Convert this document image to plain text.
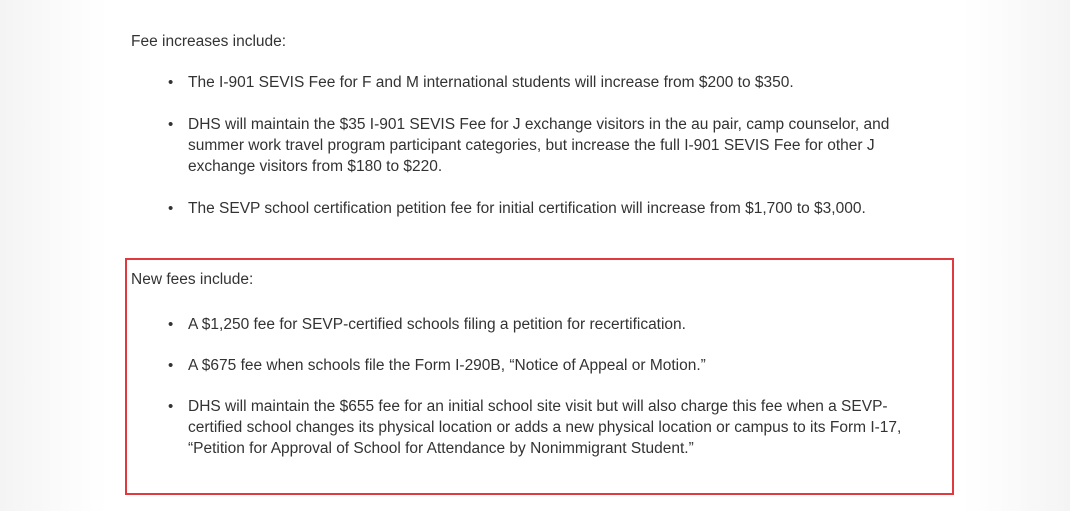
Fee increases include:

• The I-901 SEVIS Fee for F and M international students will increase from $200 to $350.
• DHS will maintain the $35 I-901 SEVIS Fee for J exchange visitors in the au pair, camp counselor, and summer work travel program participant categories, but increase the full I-901 SEVIS Fee for other J exchange visitors from $180 to $220.
• The SEVP school certification petition fee for initial certification will increase from $1,700 to $3,000.

New fees include:

• A $1,250 fee for SEVP-certified schools filing a petition for recertification.
• A $675 fee when schools file the Form I-290B, “Notice of Appeal or Motion.”
• DHS will maintain the $655 fee for an initial school site visit but will also charge this fee when a SEVP-certified school changes its physical location or adds a new physical location or campus to its Form I-17, “Petition for Approval of School for Attendance by Nonimmigrant Student.”
